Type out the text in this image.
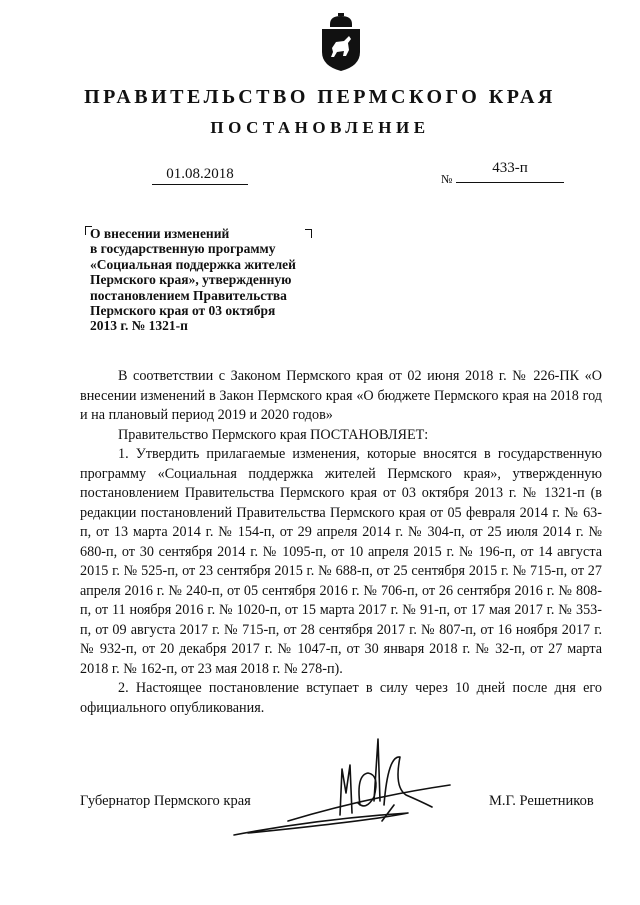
ПРАВИТЕЛЬСТВО ПЕРМСКОГО КРАЯ
ПОСТАНОВЛЕНИЕ
01.08.2018	№
433-п
О внесении изменений
в государственную программу
«Социальная поддержка жителей
Пермского края», утвержденную
постановлением Правительства
Пермского края от 03 октября
2013 г. № 1321-п

В соответствии с Законом Пермского края от 02 июня 2018 г. № 226-ПК «О внесении изменений в Закон Пермского края «О бюджете Пермского края на 2018 год и на плановый период 2019 и 2020 годов»

Правительство Пермского края ПОСТАНОВЛЯЕТ:

1. Утвердить прилагаемые изменения, которые вносятся в государственную программу «Социальная поддержка жителей Пермского края», утвержденную постановлением Правительства Пермского края от 03 октября 2013 г. № 1321-п (в редакции постановлений Правительства Пермского края от 05 февраля 2014 г. № 63-п, от 13 марта 2014 г. № 154-п, от 29 апреля 2014 г. № 304-п, от 25 июля 2014 г. № 680-п, от 30 сентября 2014 г. № 1095-п, от 10 апреля 2015 г. № 196-п, от 14 августа 2015 г. № 525-п, от 23 сентября 2015 г. № 688-п, от 25 сентября 2015 г. № 715-п, от 27 апреля 2016 г. № 240-п, от 05 сентября 2016 г. № 706-п, от 26 сентября 2016 г. № 808-п, от 11 ноября 2016 г. № 1020-п, от 15 марта 2017 г. № 91-п, от 17 мая 2017 г. № 353-п, от 09 августа 2017 г. № 715-п, от 28 сентября 2017 г. № 807-п, от 16 ноября 2017 г. № 932-п, от 20 декабря 2017 г. № 1047-п, от 30 января 2018 г. № 32-п, от 27 марта 2018 г. № 162-п, от 23 мая 2018 г. № 278-п).

2. Настоящее постановление вступает в силу через 10 дней после дня его официального опубликования.

Губернатор Пермского края	М.Г. Решетников
